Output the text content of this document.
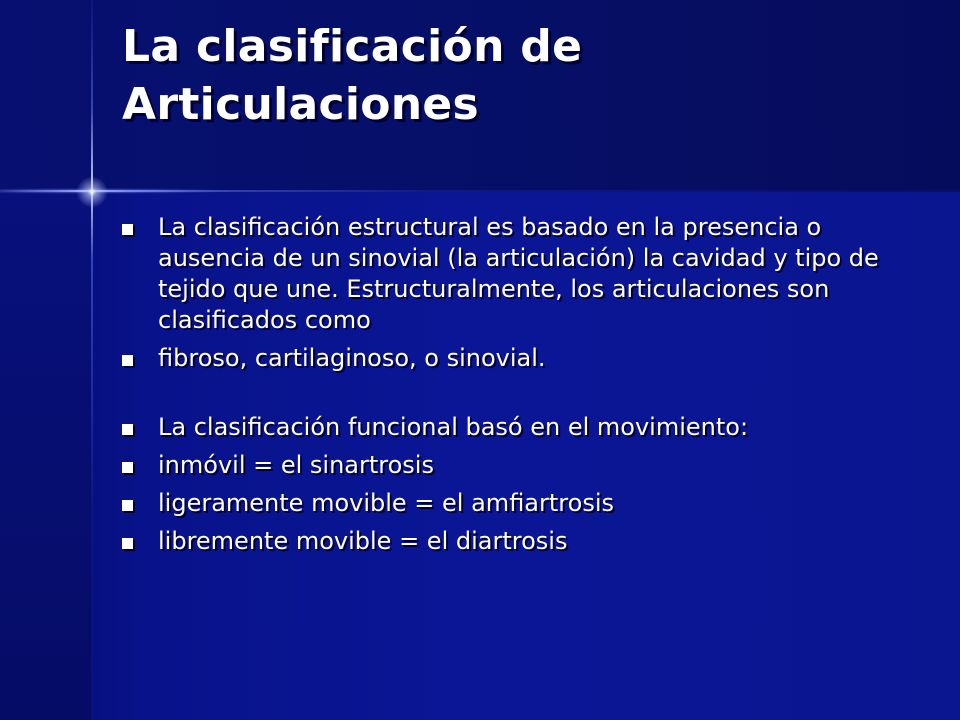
La clasificación de Articulaciones
La clasificación estructural es basado en la presencia o ausencia de un sinovial (la articulación) la cavidad y tipo de tejido que une. Estructuralmente, los articulaciones son clasificados como
fibroso, cartilaginoso, o sinovial.
La clasificación funcional basó en el movimiento:
inmóvil = el sinartrosis
ligeramente movible = el amfiartrosis
libremente movible = el diartrosis
